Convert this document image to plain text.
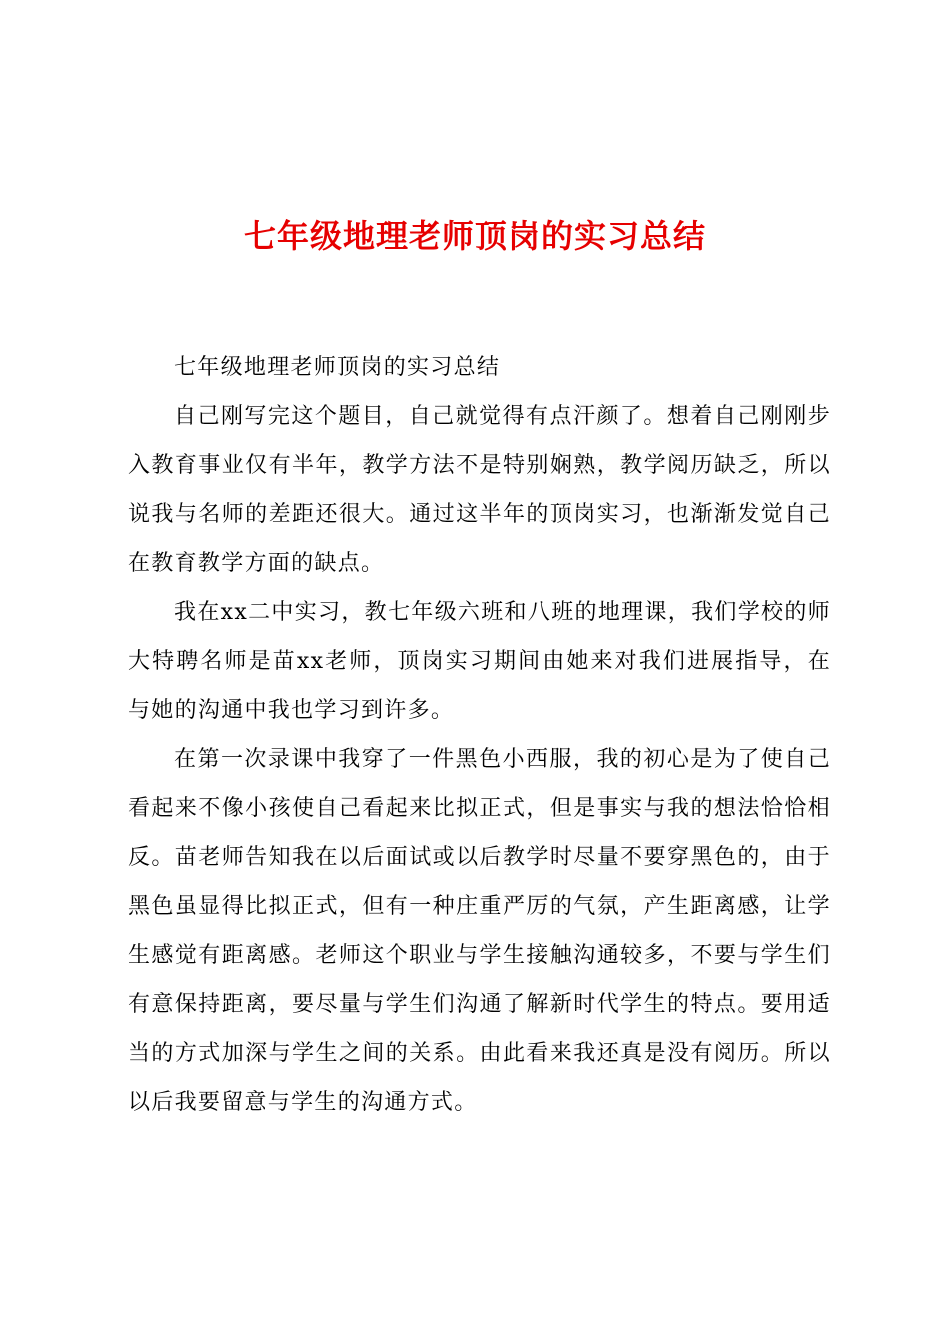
七年级地理老师顶岗的实习总结

七年级地理老师顶岗的实习总结

自己刚写完这个题目，自己就觉得有点汗颜了。想着自己刚刚步入教育事业仅有半年，教学方法不是特别娴熟，教学阅历缺乏，所以说我与名师的差距还很大。通过这半年的顶岗实习，也渐渐发觉自己在教育教学方面的缺点。

我在xx二中实习，教七年级六班和八班的地理课，我们学校的师大特聘名师是苗xx老师，顶岗实习期间由她来对我们进展指导，在与她的沟通中我也学习到许多。

在第一次录课中我穿了一件黑色小西服，我的初心是为了使自己看起来不像小孩使自己看起来比拟正式，但是事实与我的想法恰恰相反。苗老师告知我在以后面试或以后教学时尽量不要穿黑色的，由于黑色虽显得比拟正式，但有一种庄重严厉的气氛，产生距离感，让学生感觉有距离感。老师这个职业与学生接触沟通较多，不要与学生们有意保持距离，要尽量与学生们沟通了解新时代学生的特点。要用适当的方式加深与学生之间的关系。由此看来我还真是没有阅历。所以以后我要留意与学生的沟通方式。
